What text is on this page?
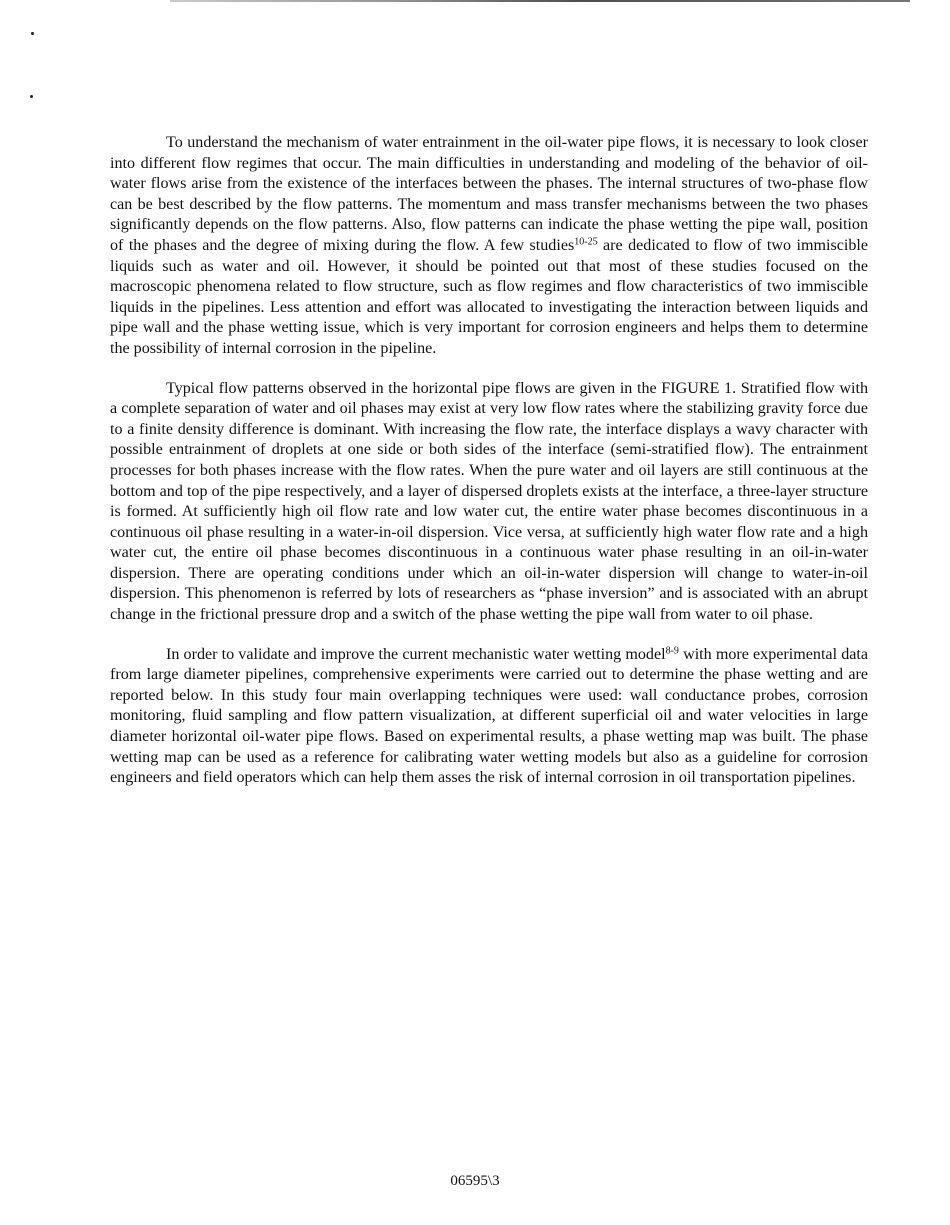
To understand the mechanism of water entrainment in the oil-water pipe flows, it is necessary to look closer into different flow regimes that occur. The main difficulties in understanding and modeling of the behavior of oil-water flows arise from the existence of the interfaces between the phases. The internal structures of two-phase flow can be best described by the flow patterns. The momentum and mass transfer mechanisms between the two phases significantly depends on the flow patterns. Also, flow patterns can indicate the phase wetting the pipe wall, position of the phases and the degree of mixing during the flow. A few studies$^{10-25}$ are dedicated to flow of two immiscible liquids such as water and oil. However, it should be pointed out that most of these studies focused on the macroscopic phenomena related to flow structure, such as flow regimes and flow characteristics of two immiscible liquids in the pipelines. Less attention and effort was allocated to investigating the interaction between liquids and pipe wall and the phase wetting issue, which is very important for corrosion engineers and helps them to determine the possibility of internal corrosion in the pipeline.

Typical flow patterns observed in the horizontal pipe flows are given in the FIGURE 1. Stratified flow with a complete separation of water and oil phases may exist at very low flow rates where the stabilizing gravity force due to a finite density difference is dominant. With increasing the flow rate, the interface displays a wavy character with possible entrainment of droplets at one side or both sides of the interface (semi-stratified flow). The entrainment processes for both phases increase with the flow rates. When the pure water and oil layers are still continuous at the bottom and top of the pipe respectively, and a layer of dispersed droplets exists at the interface, a three-layer structure is formed. At sufficiently high oil flow rate and low water cut, the entire water phase becomes discontinuous in a continuous oil phase resulting in a water-in-oil dispersion. Vice versa, at sufficiently high water flow rate and a high water cut, the entire oil phase becomes discontinuous in a continuous water phase resulting in an oil-in-water dispersion. There are operating conditions under which an oil-in-water dispersion will change to water-in-oil dispersion. This phenomenon is referred by lots of researchers as “phase inversion” and is associated with an abrupt change in the frictional pressure drop and a switch of the phase wetting the pipe wall from water to oil phase.

In order to validate and improve the current mechanistic water wetting model$^{8-9}$ with more experimental data from large diameter pipelines, comprehensive experiments were carried out to determine the phase wetting and are reported below. In this study four main overlapping techniques were used: wall conductance probes, corrosion monitoring, fluid sampling and flow pattern visualization, at different superficial oil and water velocities in large diameter horizontal oil-water pipe flows. Based on experimental results, a phase wetting map was built. The phase wetting map can be used as a reference for calibrating water wetting models but also as a guideline for corrosion engineers and field operators which can help them asses the risk of internal corrosion in oil transportation pipelines.

06595\3
